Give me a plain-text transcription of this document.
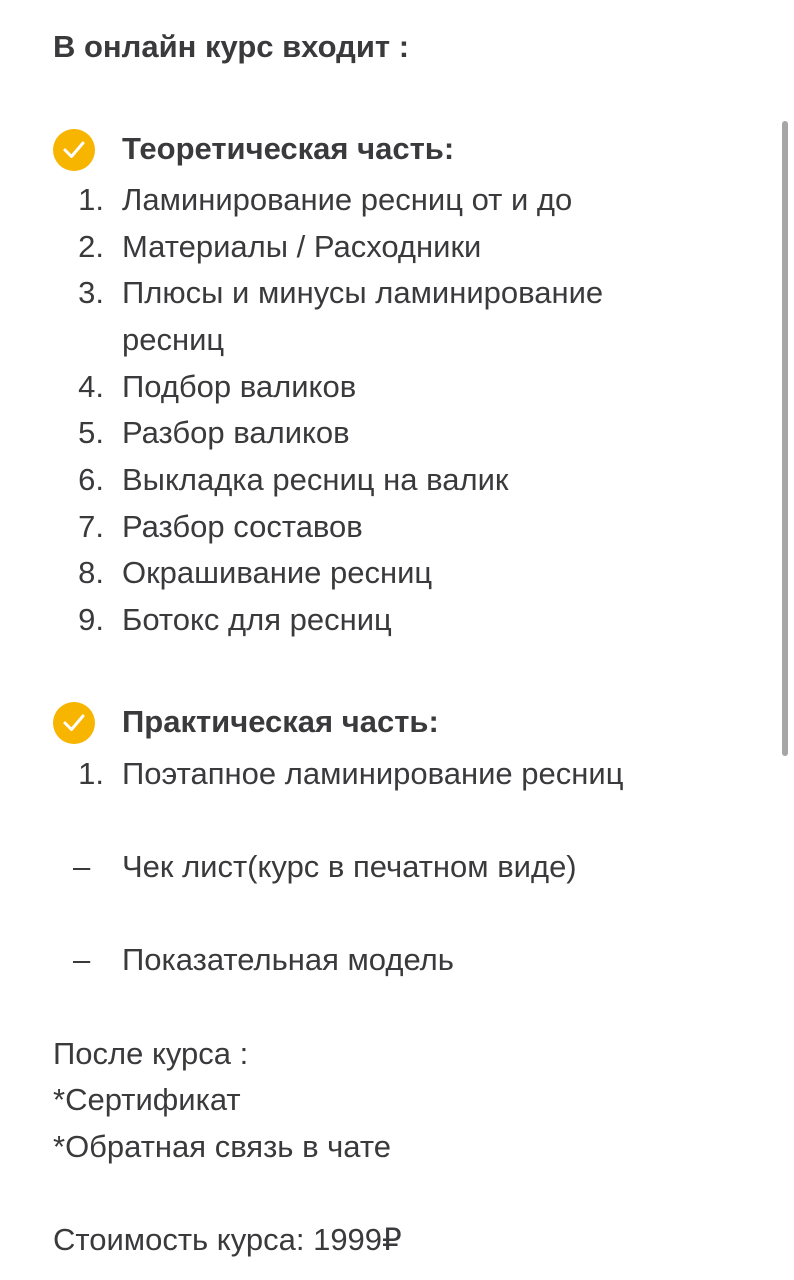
В онлайн курс входит :
Теоретическая часть:
1. Ламинирование ресниц от и до
2. Материалы / Расходники
3. Плюсы и минусы ламинирование
ресниц
4. Подбор валиков
5. Разбор валиков
6. Выкладка ресниц на валик
7. Разбор составов
8. Окрашивание ресниц
9. Ботокс для ресниц
Практическая часть:
1. Поэтапное ламинирование ресниц
– Чек лист(курс в печатном виде)
– Показательная модель
После курса :
*Сертификат
*Обратная связь в чате
Стоимость курса: 1999₽
